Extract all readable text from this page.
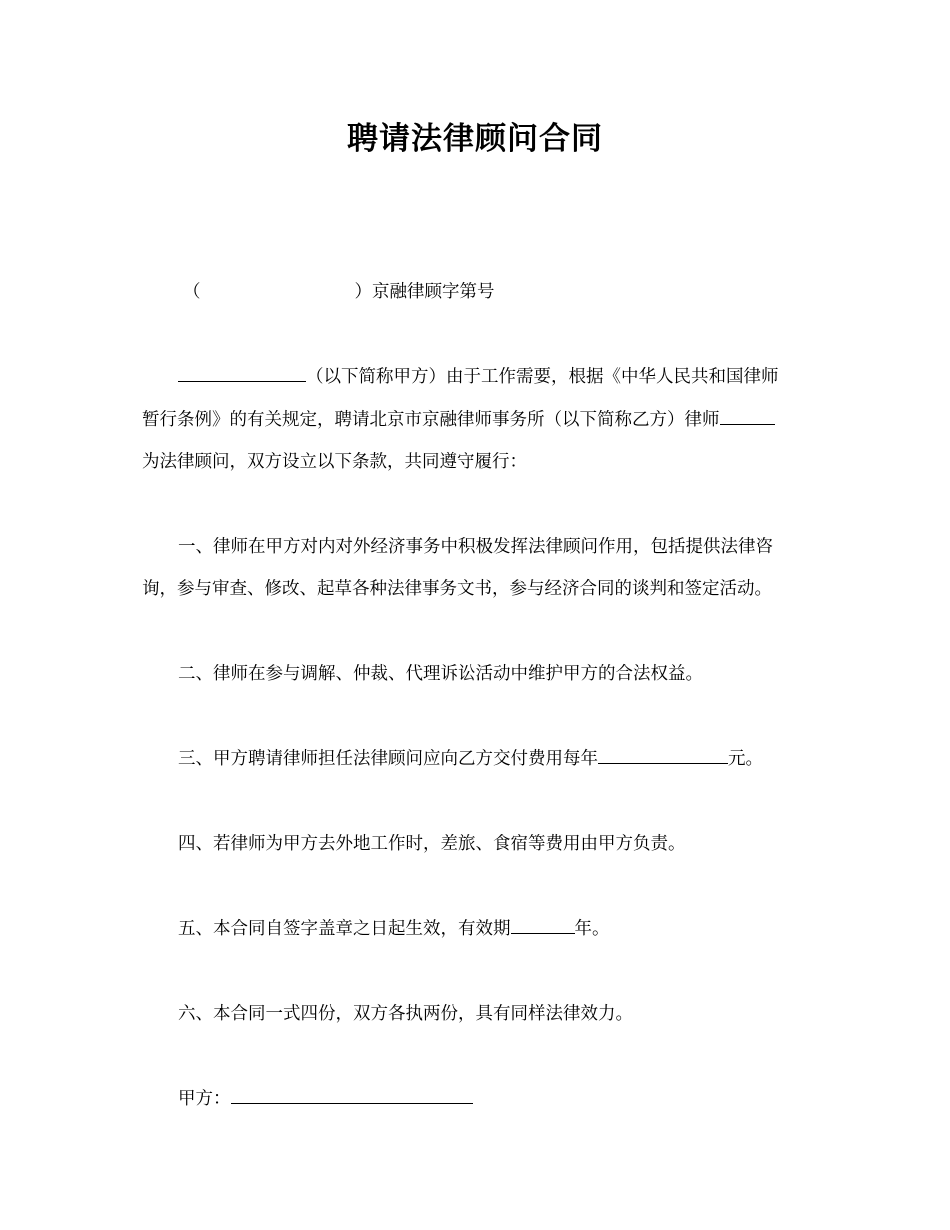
聘请法律顾问合同
（	）京融律顾字第号
（以下简称甲方）由于工作需要，根据《中华人民共和国律师
暂行条例》的有关规定，聘请北京市京融律师事务所（以下简称乙方）律师
为法律顾问，双方设立以下条款，共同遵守履行：
一、律师在甲方对内对外经济事务中积极发挥法律顾问作用，包括提供法律咨
询，参与审查、修改、起草各种法律事务文书，参与经济合同的谈判和签定活动。
二、律师在参与调解、仲裁、代理诉讼活动中维护甲方的合法权益。
三、甲方聘请律师担任法律顾问应向乙方交付费用每年	元。
四、若律师为甲方去外地工作时，差旅、食宿等费用由甲方负责。
五、本合同自签字盖章之日起生效，有效期	年。
六、本合同一式四份，双方各执两份，具有同样法律效力。
甲方：
